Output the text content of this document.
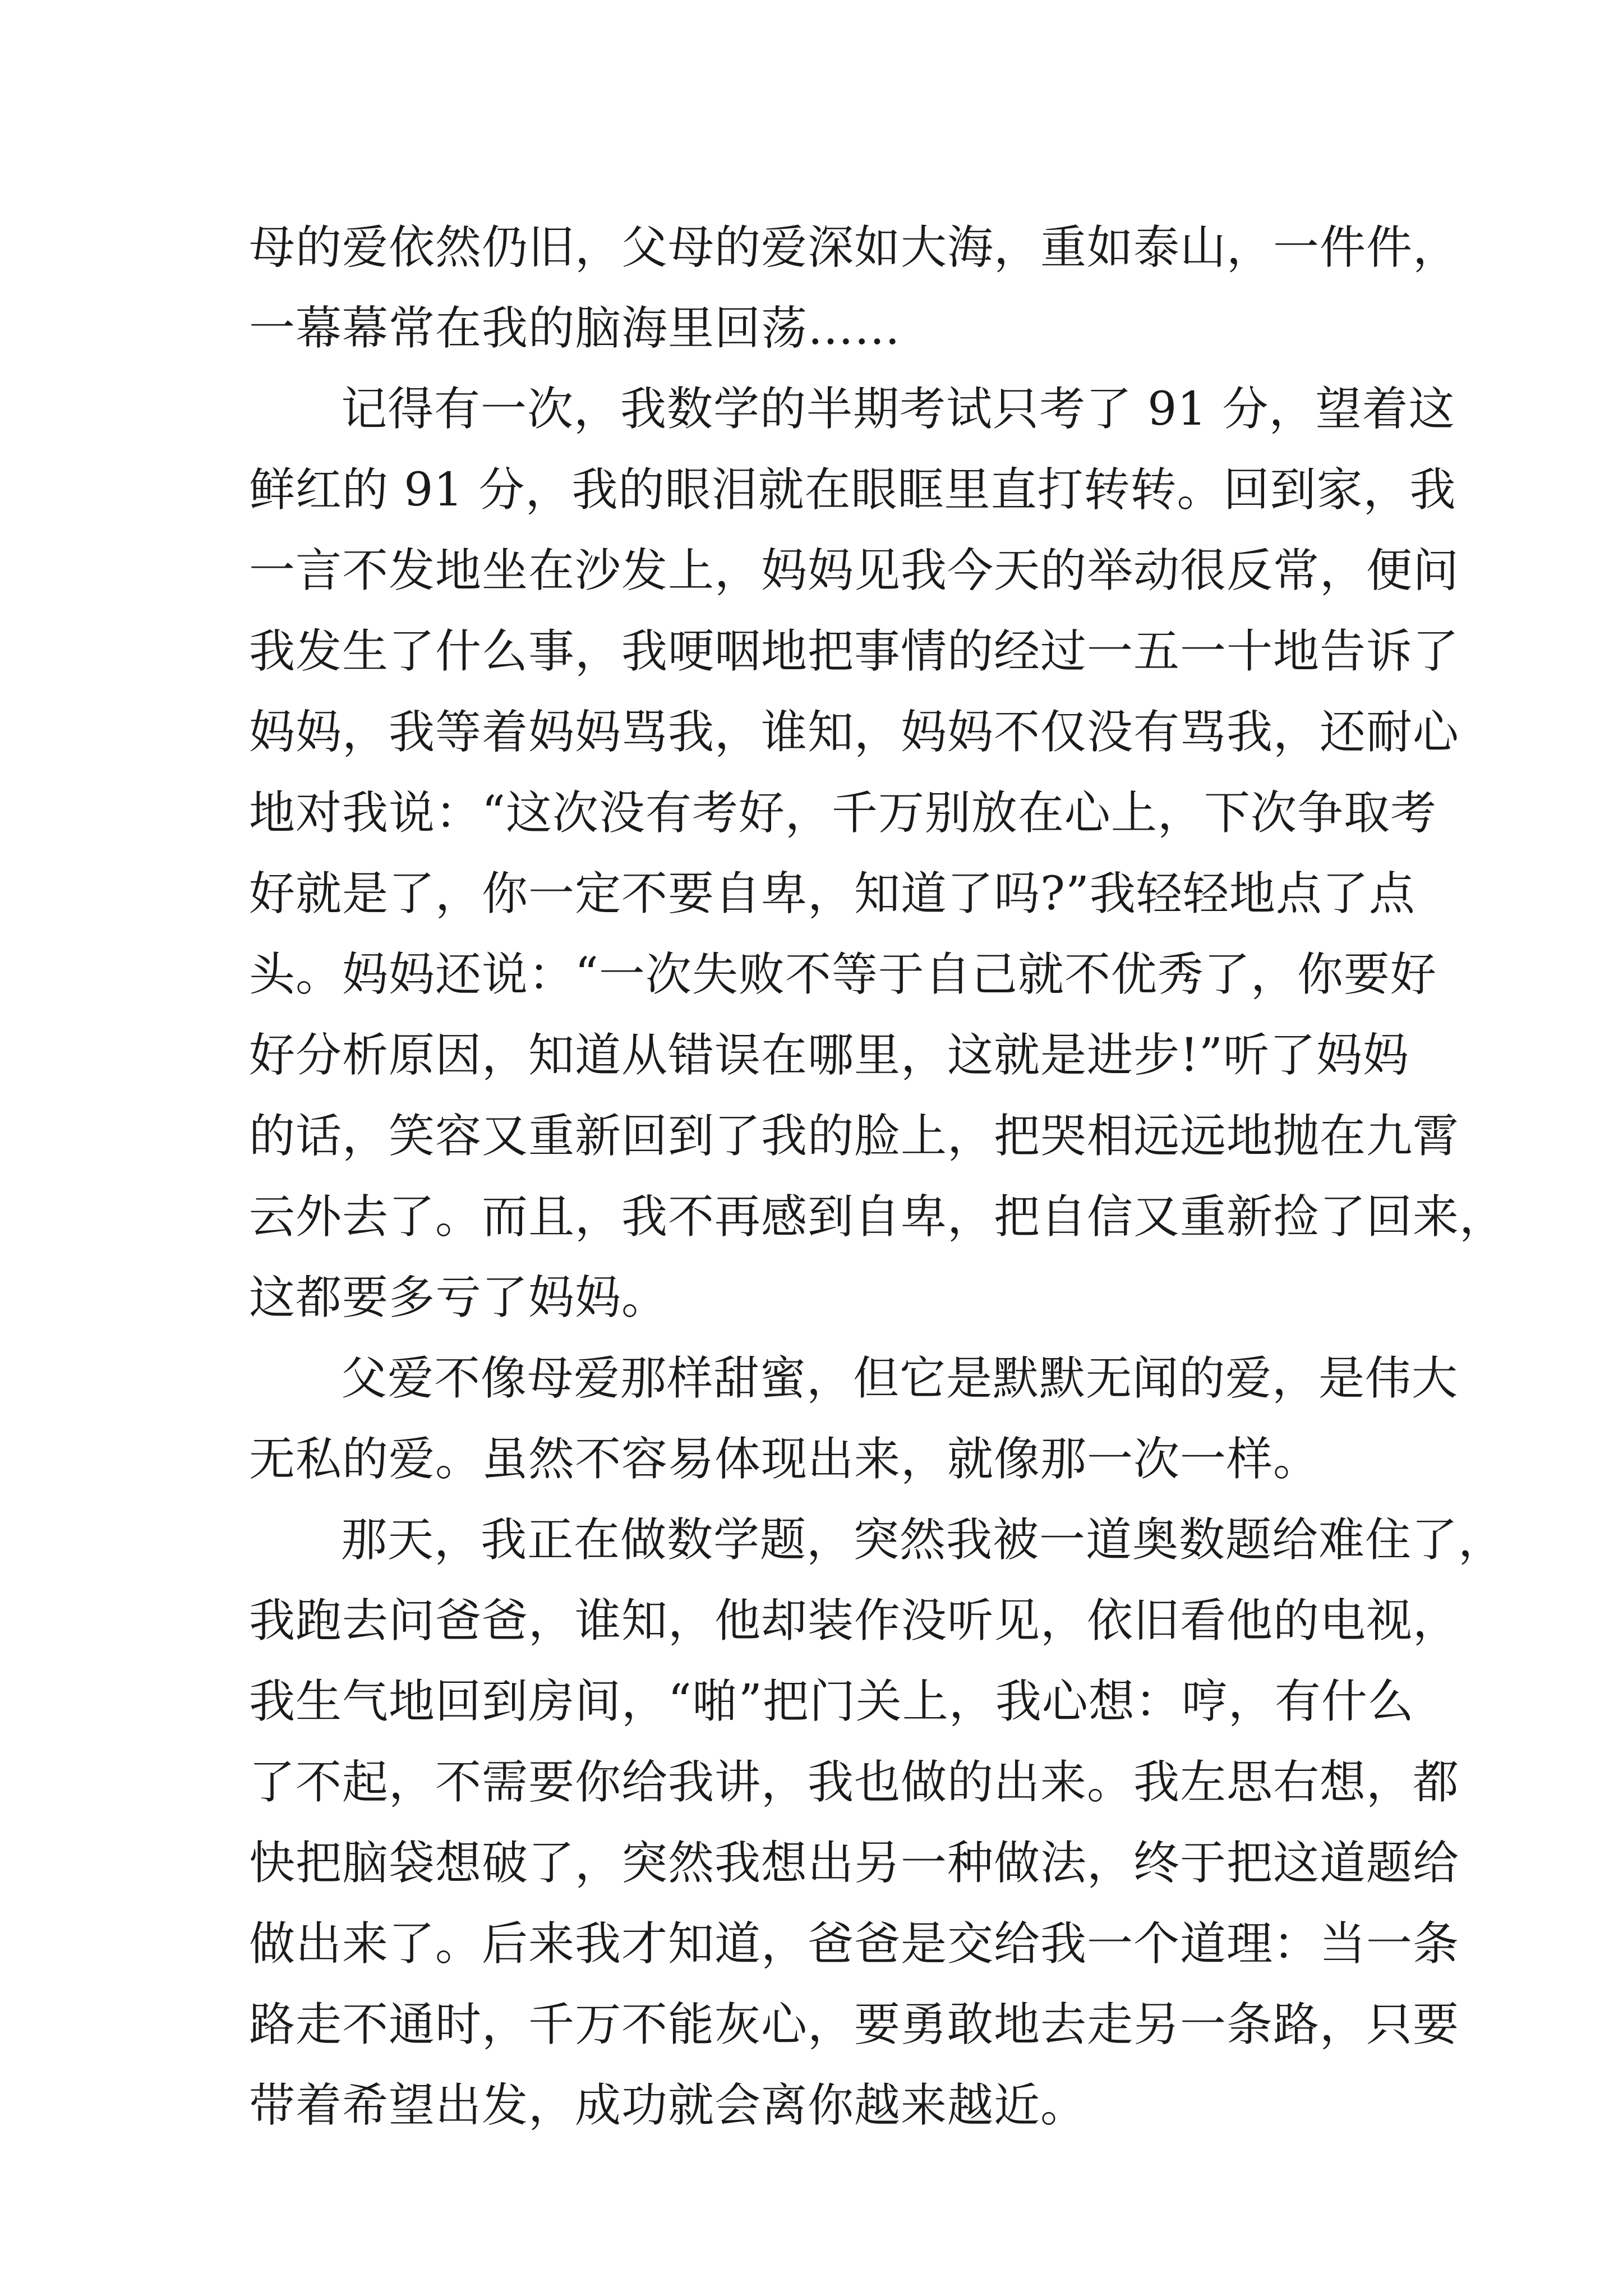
母的爱依然仍旧，父母的爱深如大海，重如泰山，一件件，
一幕幕常在我的脑海里回荡……
记得有一次，我数学的半期考试只考了 91 分，望着这
鲜红的 91 分，我的眼泪就在眼眶里直打转转。回到家，我
一言不发地坐在沙发上，妈妈见我今天的举动很反常，便问
我发生了什么事，我哽咽地把事情的经过一五一十地告诉了
妈妈，我等着妈妈骂我，谁知，妈妈不仅没有骂我，还耐心
地对我说：“这次没有考好，千万别放在心上，下次争取考
好就是了，你一定不要自卑，知道了吗?”我轻轻地点了点
头。妈妈还说：“一次失败不等于自己就不优秀了，你要好
好分析原因，知道从错误在哪里，这就是进步!”听了妈妈
的话，笑容又重新回到了我的脸上，把哭相远远地抛在九霄
云外去了。而且，我不再感到自卑，把自信又重新捡了回来，
这都要多亏了妈妈。
父爱不像母爱那样甜蜜，但它是默默无闻的爱，是伟大
无私的爱。虽然不容易体现出来，就像那一次一样。
那天，我正在做数学题，突然我被一道奥数题给难住了，
我跑去问爸爸，谁知，他却装作没听见，依旧看他的电视，
我生气地回到房间，“啪”把门关上，我心想：哼，有什么
了不起，不需要你给我讲，我也做的出来。我左思右想，都
快把脑袋想破了，突然我想出另一种做法，终于把这道题给
做出来了。后来我才知道，爸爸是交给我一个道理：当一条
路走不通时，千万不能灰心，要勇敢地去走另一条路，只要
带着希望出发，成功就会离你越来越近。
